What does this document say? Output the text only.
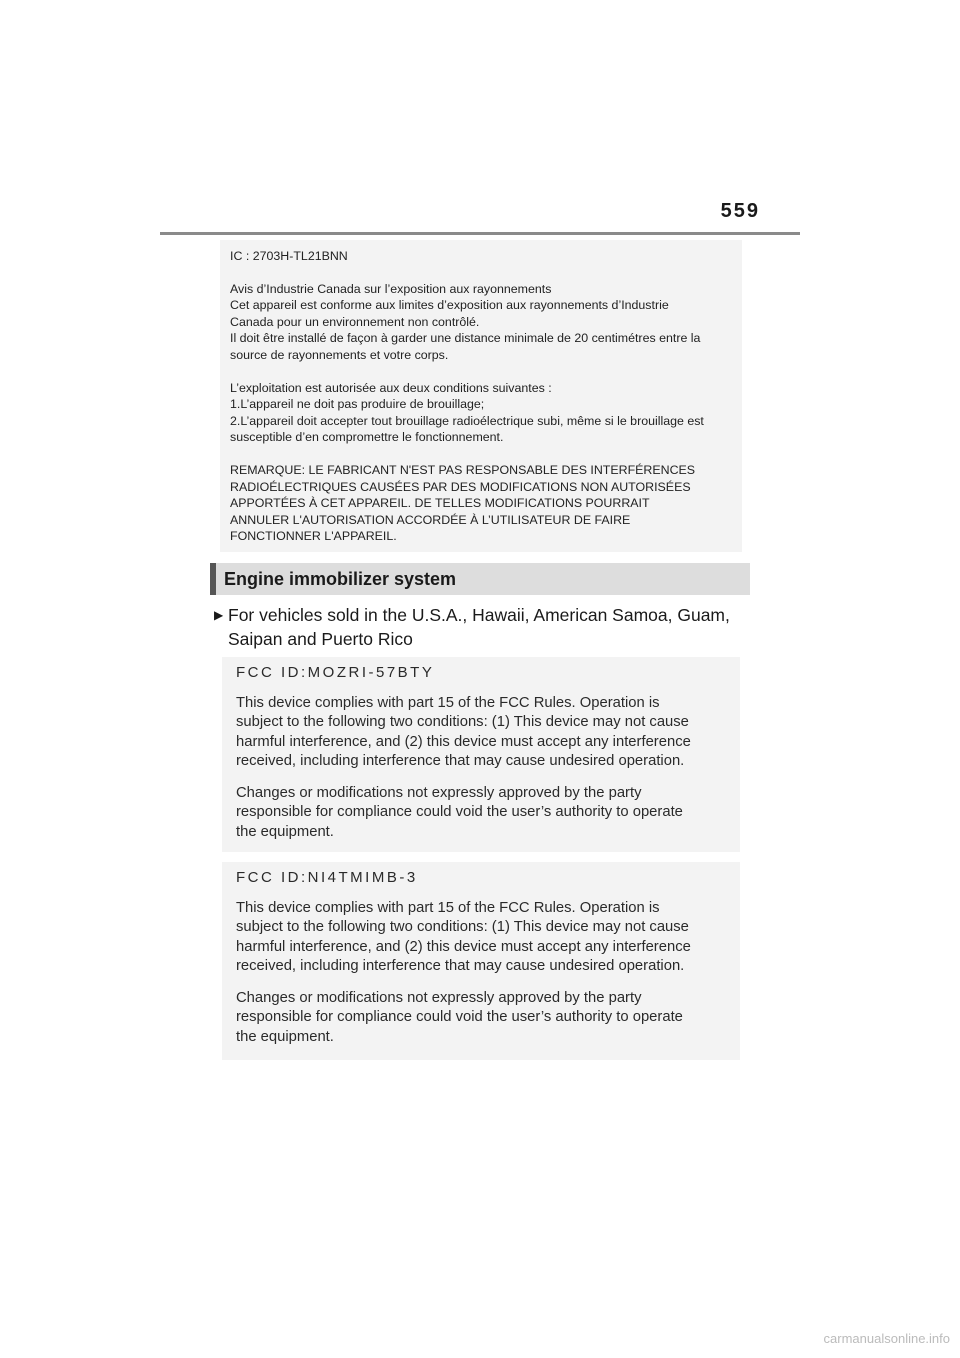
559

IC : 2703H-TL21BNN

Avis d’Industrie Canada sur l’exposition aux rayonnements

Cet appareil est conforme aux limites d’exposition aux rayonnements d’Industrie

Canada pour un environnement non contrôlé.

Il doit être installé de façon à garder une distance minimale de 20 centimétres entre la

source de rayonnements et votre corps.

L’exploitation est autorisée aux deux conditions suivantes :

1.L’appareil ne doit pas produire de brouillage;

2.L’appareil doit accepter tout brouillage radioélectrique subi, même si le brouillage est

susceptible d’en compromettre le fonctionnement.

REMARQUE: LE FABRICANT N'EST PAS RESPONSABLE DES INTERFÉRENCES

RADIOÉLECTRIQUES CAUSÉES PAR DES MODIFICATIONS NON AUTORISÉES

APPORTÉES À CET APPAREIL. DE TELLES MODIFICATIONS POURRAIT

ANNULER L'AUTORISATION ACCORDÉE À L’UTILISATEUR DE FAIRE

FONCTIONNER L'APPAREIL.

Engine immobilizer system
▶ For vehicles sold in the U.S.A., Hawaii, American Samoa, Guam,
Saipan and Puerto Rico

FCC ID:MOZRI-57BTY

This device complies with part 15 of the FCC Rules. Operation is

subject to the following two conditions: (1) This device may not cause

harmful interference, and (2) this device must accept any interference

received, including interference that may cause undesired operation.

Changes or modifications not expressly approved by the party

responsible for compliance could void the user’s authority to operate

the equipment.

FCC ID:NI4TMIMB-3

This device complies with part 15 of the FCC Rules. Operation is

subject to the following two conditions: (1) This device may not cause

harmful interference, and (2) this device must accept any interference

received, including interference that may cause undesired operation.

Changes or modifications not expressly approved by the party

responsible for compliance could void the user’s authority to operate

the equipment.

carmanualsonline.info
